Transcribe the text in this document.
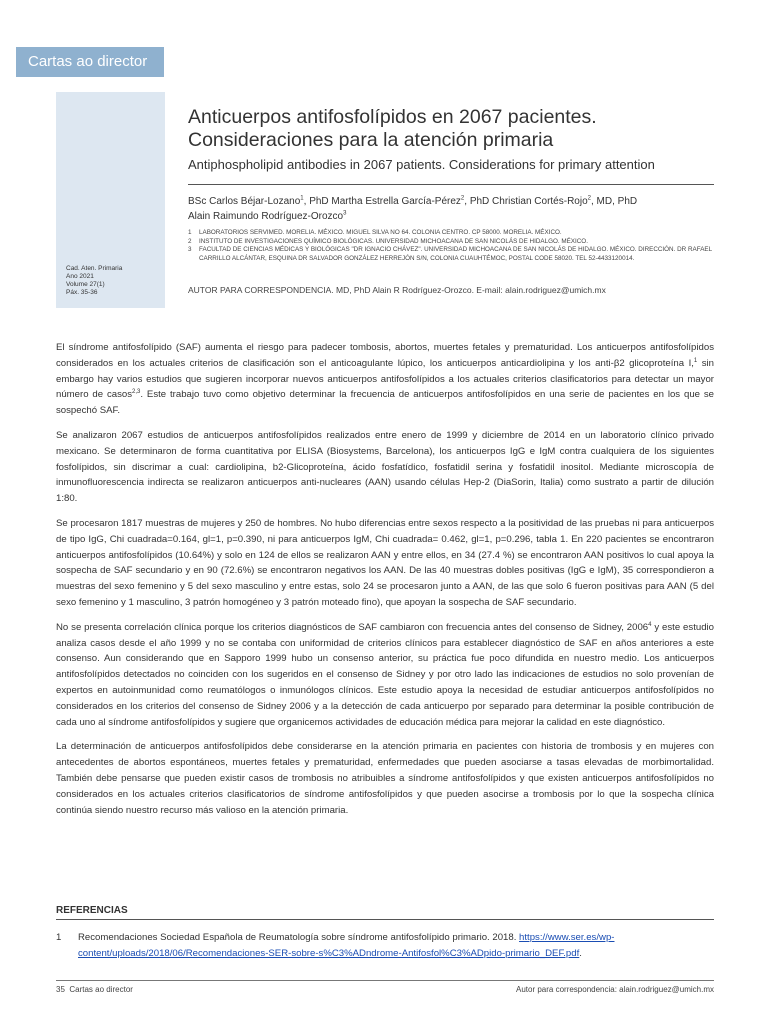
Cartas ao director
Cad. Aten. Primaria
Ano 2021
Volume 27(1)
Páx. 35-36
Anticuerpos antifosfolípidos en 2067 pacientes.
Consideraciones para la atención primaria
Antiphospholipid antibodies in 2067 patients. Considerations for primary attention
BSc Carlos Béjar-Lozano$^1$, PhD Martha Estrella García-Pérez$^2$, PhD Christian Cortés-Rojo$^2$, MD, PhD
Alain Raimundo Rodríguez-Orozco$^3$
1 LABORATORIOS SERVIMED. MORELIA. MÉXICO. MIGUEL SILVA NO 64. COLONIA CENTRO. CP 58000. MORELIA. MÉXICO.
2 INSTITUTO DE INVESTIGACIONES QUÍMICO BIOLÓGICAS. UNIVERSIDAD MICHOACANA DE SAN NICOLÁS DE HIDALGO. MÉXICO.
3 FACULTAD DE CIENCIAS MÉDICAS Y BIOLÓGICAS "DR IGNACIO CHÁVEZ". UNIVERSIDAD MICHOACANA DE SAN NICOLÁS DE HIDALGO. MÉXICO. DIRECCIÓN. DR RAFAEL CARRILLO ALCÁNTAR, ESQUINA DR SALVADOR GONZÁLEZ HERREJÓN S/N, COLONIA CUAUHTÉMOC, POSTAL CODE 58020. TEL 52-4433120014.
AUTOR PARA CORRESPONDENCIA. MD, PhD Alain R Rodríguez-Orozco. E-mail: alain.rodriguez@umich.mx

El síndrome antifosfolípido (SAF) aumenta el riesgo para padecer tombosis, abortos, muertes fetales y prematuridad. Los anticuerpos antifosfolípidos considerados en los actuales criterios de clasificación son el anticoagulante lúpico, los anticuerpos anticardiolipina y los anti-β2 glicoproteína I,$^1$ sin embargo hay varios estudios que sugieren incorporar nuevos anticuerpos antifosfolípidos a los actuales criterios clasificatorios para detectar un mayor número de casos$^{2,3}$. Este trabajo tuvo como objetivo determinar la frecuencia de anticuerpos antifosfolípidos en una serie de pacientes en los que se sospechó SAF.

Se analizaron 2067 estudios de anticuerpos antifosfolípidos realizados entre enero de 1999 y diciembre de 2014 en un laboratorio clínico privado mexicano. Se determinaron de forma cuantitativa por ELISA (Biosystems, Barcelona), los anticuerpos IgG e IgM contra cualquiera de los siguientes fosfolípidos, sin discrimar a cual: cardiolipina, b2-Glicoproteína, ácido fosfatídico, fosfatidil serina y fosfatidil inositol. Mediante microscopía de inmunofluorescencia indirecta se realizaron anticuerpos anti-nucleares (AAN) usando células Hep-2 (DiaSorin, Italia) como sustrato a partir de dilución 1:80.

Se procesaron 1817 muestras de mujeres y 250 de hombres. No hubo diferencias entre sexos respecto a la positividad de las pruebas ni para anticuerpos de tipo IgG, Chi cuadrada=0.164, gl=1, p=0.390, ni para anticuerpos IgM, Chi cuadrada= 0.462, gl=1, p=0.296, tabla 1. En 220 pacientes se encontraron anticuerpos antifosfolípidos (10.64%) y solo en 124 de ellos se realizaron AAN y entre ellos, en 34 (27.4 %) se encontraron AAN positivos lo cual apoya la sospecha de SAF secundario y en 90 (72.6%) se encontraron negativos los AAN. De las 40 muestras dobles positivas (IgG e IgM), 35 correspondieron a muestras del sexo femenino y 5 del sexo masculino y entre estas, solo 24 se procesaron junto a AAN, de las que solo 6 fueron positivas para AAN (5 del sexo femenino y 1 masculino, 3 patrón homogéneo y 3 patrón moteado fino), que apoyan la sospecha de SAF secundario.

No se presenta correlación clínica porque los criterios diagnósticos de SAF cambiaron con frecuencia antes del consenso de Sidney, 2006$^4$ y este estudio analiza casos desde el año 1999 y no se contaba con uniformidad de criterios clínicos para establecer diagnóstico de SAF en años anteriores a este consenso. Aun considerando que en Sapporo 1999 hubo un consenso anterior, su práctica fue poco difundida en nuestro medio. Los anticuerpos antifosfolípidos detectados no coinciden con los sugeridos en el consenso de Sidney y por otro lado las indicaciones de estudios no solo provenían de expertos en autoinmunidad como reumatólogos o inmunólogos clínicos. Este estudio apoya la necesidad de estudiar anticuerpos antifosfolípidos no considerados en los criterios del consenso de Sidney 2006 y a la detección de cada anticuerpo por separado para determinar la posible contribución de cada uno al síndrome antifosfolípidos y sugiere que organicemos actividades de educación médica para mejorar la calidad en este diagnóstico.

La determinación de anticuerpos antifosfolípidos debe considerarse en la atención primaria en pacientes con historia de trombosis y en mujeres con antecedentes de abortos espontáneos, muertes fetales y prematuridad, enfermedades que pueden asociarse a tasas elevadas de morbimortalidad. También debe pensarse que pueden existir casos de trombosis no atribuibles a síndrome antifosfolípidos y que existen anticuerpos antifosfolípidos no considerados en los actuales criterios clasificatorios de síndrome antifosfolípidos y que pueden asocirse a trombosis por lo que la sospecha clínica continúa siendo nuestro recurso más valioso en la atención primaria.

REFERENCIAS
1 Recomendaciones Sociedad Española de Reumatología sobre síndrome antifosfolípido primario. 2018. https://www.ser.es/wp-content/uploads/2018/06/Recomendaciones-SER-sobre-s%C3%ADndrome-Antifosfol%C3%ADpido-primario_DEF.pdf.
35 Cartas ao director	Autor para correspondencia: alain.rodriguez@umich.mx
